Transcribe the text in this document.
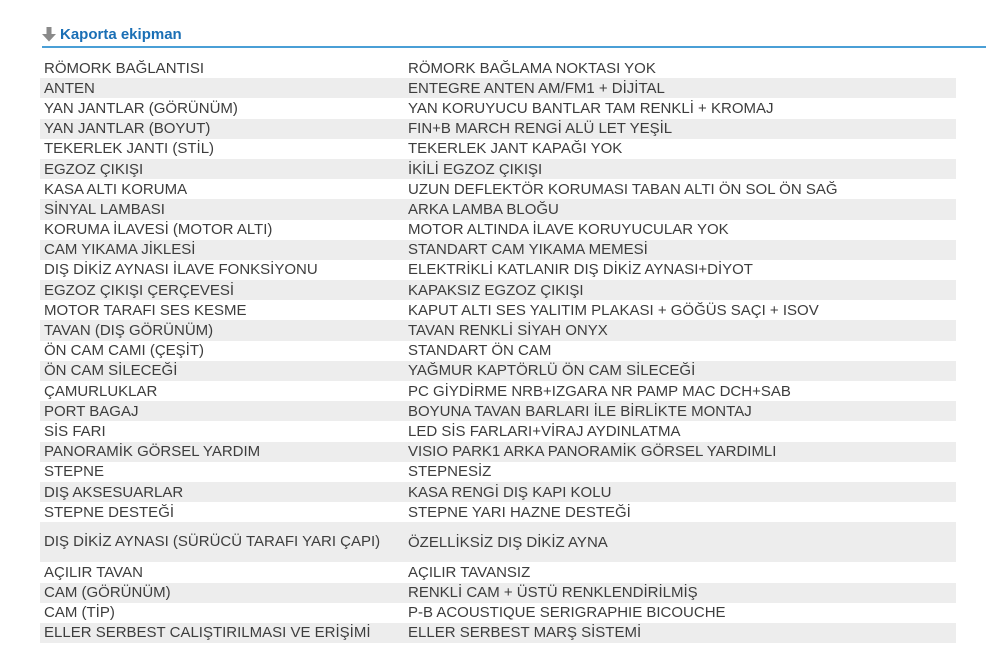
Kaporta ekipman
RÖMORK BAĞLANTISI	RÖMORK BAĞLAMA NOKTASI YOK
ANTEN	ENTEGRE ANTEN AM/FM1 + DİJİTAL
YAN JANTLAR (GÖRÜNÜM)	YAN KORUYUCU BANTLAR TAM RENKLİ + KROMAJ
YAN JANTLAR (BOYUT)	FIN+B MARCH RENGİ ALÜ LET YEŞİL
TEKERLEK JANTI (STİL)	TEKERLEK JANT KAPAĞI YOK
EGZOZ ÇIKIŞI	İKİLİ EGZOZ ÇIKIŞI
KASA ALTI KORUMA	UZUN DEFLEKTÖR KORUMASI TABAN ALTI ÖN SOL ÖN SAĞ
SİNYAL LAMBASI	ARKA LAMBA BLOĞU
KORUMA İLAVESİ (MOTOR ALTI)	MOTOR ALTINDA İLAVE KORUYUCULAR YOK
CAM YIKAMA JİKLESİ	STANDART CAM YIKAMA MEMESİ
DIŞ DİKİZ AYNASI İLAVE FONKSİYONU	ELEKTRİKLİ KATLANIR DIŞ DİKİZ AYNASI+DİYOT
EGZOZ ÇIKIŞI ÇERÇEVESİ	KAPAKSIZ EGZOZ ÇIKIŞI
MOTOR TARAFI SES KESME	KAPUT ALTI SES YALITIM PLAKASI + GÖĞÜS SAÇI + ISOV
TAVAN (DIŞ GÖRÜNÜM)	TAVAN RENKLİ SİYAH ONYX
ÖN CAM CAMI (ÇEŞİT)	STANDART ÖN CAM
ÖN CAM SİLECEĞİ	YAĞMUR KAPTÖRLÜ ÖN CAM SİLECEĞİ
ÇAMURLUKLAR	PC GİYDİRME NRB+IZGARA NR PAMP MAC DCH+SAB
PORT BAGAJ	BOYUNA TAVAN BARLARI İLE BİRLİKTE MONTAJ
SİS FARI	LED SİS FARLARI+VİRAJ AYDINLATMA
PANORAMİK GÖRSEL YARDIM	VISIO PARK1 ARKA PANORAMİK GÖRSEL YARDIMLI
STEPNE	STEPNESİZ
DIŞ AKSESUARLAR	KASA RENGİ DIŞ KAPI KOLU
STEPNE DESTEĞİ	STEPNE YARI HAZNE DESTEĞİ
DIŞ DİKİZ AYNASI (SÜRÜCÜ TARAFI YARI ÇAPI)	ÖZELLİKSİZ DIŞ DİKİZ AYNA
AÇILIR TAVAN	AÇILIR TAVANSIZ
CAM (GÖRÜNÜM)	RENKLİ CAM + ÜSTÜ RENKLENDİRİLMİŞ
CAM (TİP)	P-B ACOUSTIQUE SERIGRAPHIE BICOUCHE
ELLER SERBEST CALIŞTIRILMASI VE ERİŞİMİ	ELLER SERBEST MARŞ SİSTEMİ
